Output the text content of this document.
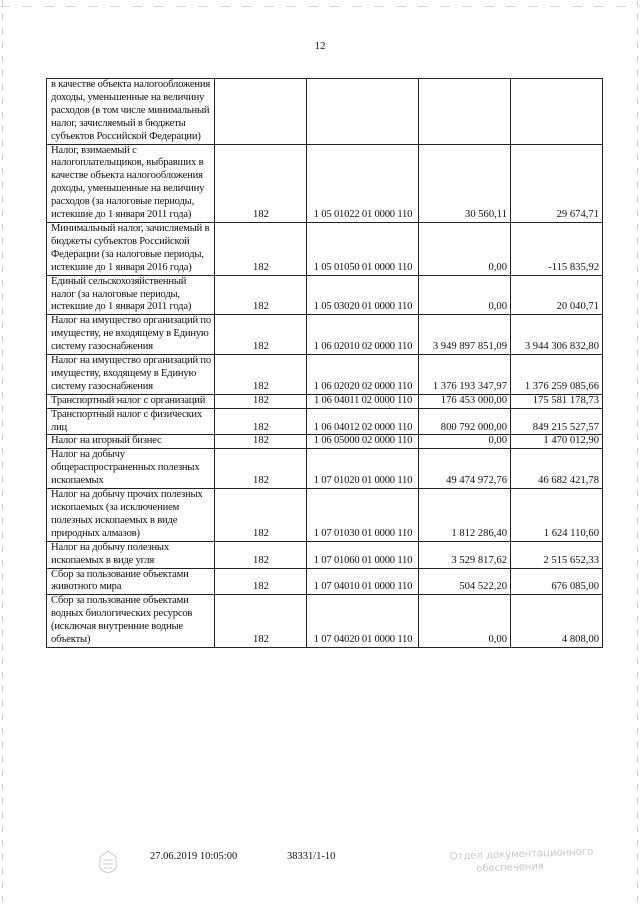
12
в качестве объекта налогообложения доходы, уменьшенные на величину расходов (в том числе минимальный налог, зачисляемый в бюджеты субъектов Российской Федерации)				
Налог, взимаемый с налогоплательщиков, выбравших в качестве объекта налогообложения доходы, уменьшенные на величину расходов (за налоговые периоды, истекшие до 1 января 2011 года)	182	1 05 01022 01 0000 110	30 560,11	29 674,71
Минимальный налог, зачисляемый в бюджеты субъектов Российской Федерации (за налоговые периоды, истекшие до 1 января 2016 года)	182	1 05 01050 01 0000 110	0,00	-115 835,92
Единый сельскохозяйственный налог (за налоговые периоды, истекшие до 1 января 2011 года)	182	1 05 03020 01 0000 110	0,00	20 040,71
Налог на имущество организаций по имуществу, не входящему в Единую систему газоснабжения	182	1 06 02010 02 0000 110	3 949 897 851,09	3 944 306 832,80
Налог на имущество организаций по имуществу, входящему в Единую систему газоснабжения	182	1 06 02020 02 0000 110	1 376 193 347,97	1 376 259 085,66
Транспортный налог с организаций	182	1 06 04011 02 0000 110	176 453 000,00	175 581 178,73
Транспортный налог с физических лиц	182	1 06 04012 02 0000 110	800 792 000,00	849 215 527,57
Налог на игорный бизнес	182	1 06 05000 02 0000 110	0,00	1 470 012,90
Налог на добычу общераспространенных полезных ископаемых	182	1 07 01020 01 0000 110	49 474 972,76	46 682 421,78
Налог на добычу прочих полезных ископаемых (за исключением полезных ископаемых в виде природных алмазов)	182	1 07 01030 01 0000 110	1 812 286,40	1 624 110,60
Налог на добычу полезных ископаемых в виде угля	182	1 07 01060 01 0000 110	3 529 817,62	2 515 652,33
Сбор за пользование объектами животного мира	182	1 07 04010 01 0000 110	504 522,20	676 085,00
Сбор за пользование объектами водных биологических ресурсов (исключая внутренние водные объекты)	182	1 07 04020 01 0000 110	0,00	4 808,00
27.06.2019 10:05:00	38331/1-10	Отдел документационного
обеспечения
